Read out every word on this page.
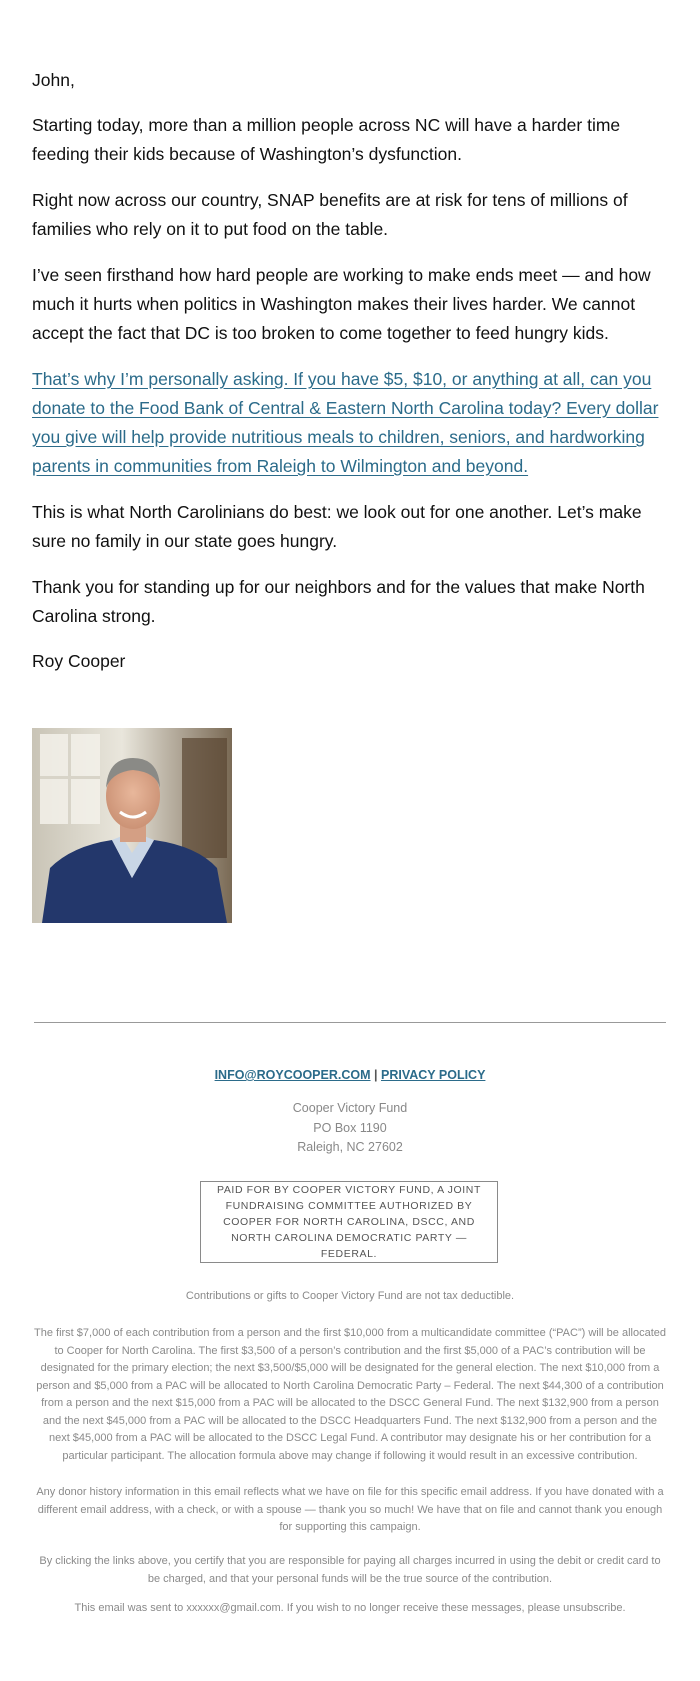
John,

Starting today, more than a million people across NC will have a harder time feeding their kids because of Washington’s dysfunction.

Right now across our country, SNAP benefits are at risk for tens of millions of families who rely on it to put food on the table.

I’ve seen firsthand how hard people are working to make ends meet — and how much it hurts when politics in Washington makes their lives harder. We cannot accept the fact that DC is too broken to come together to feed hungry kids.

That’s why I’m personally asking. If you have $5, $10, or anything at all, can you donate to the Food Bank of Central & Eastern North Carolina today? Every dollar you give will help provide nutritious meals to children, seniors, and hardworking parents in communities from Raleigh to Wilmington and beyond.

This is what North Carolinians do best: we look out for one another. Let’s make sure no family in our state goes hungry.

Thank you for standing up for our neighbors and for the values that make North Carolina strong.

Roy Cooper

INFO@ROYCOOPER.COM | PRIVACY POLICY
Cooper Victory Fund
PO Box 1190
Raleigh, NC 27602
PAID FOR BY COOPER VICTORY FUND, A JOINT FUNDRAISING COMMITTEE AUTHORIZED BY COOPER FOR NORTH CAROLINA, DSCC, AND NORTH CAROLINA DEMOCRATIC PARTY — FEDERAL.
Contributions or gifts to Cooper Victory Fund are not tax deductible.
The first $7,000 of each contribution from a person and the first $10,000 from a multicandidate committee (“PAC”) will be allocated to Cooper for North Carolina. The first $3,500 of a person’s contribution and the first $5,000 of a PAC’s contribution will be designated for the primary election; the next $3,500/$5,000 will be designated for the general election. The next $10,000 from a person and $5,000 from a PAC will be allocated to North Carolina Democratic Party – Federal. The next $44,300 of a contribution from a person and the next $15,000 from a PAC will be allocated to the DSCC General Fund. The next $132,900 from a person and the next $45,000 from a PAC will be allocated to the DSCC Headquarters Fund. The next $132,900 from a person and the next $45,000 from a PAC will be allocated to the DSCC Legal Fund. A contributor may designate his or her contribution for a particular participant. The allocation formula above may change if following it would result in an excessive contribution.
Any donor history information in this email reflects what we have on file for this specific email address. If you have donated with a different email address, with a check, or with a spouse — thank you so much! We have that on file and cannot thank you enough for supporting this campaign.
By clicking the links above, you certify that you are responsible for paying all charges incurred in using the debit or credit card to be charged, and that your personal funds will be the true source of the contribution.
This email was sent to xxxxxx@gmail.com. If you wish to no longer receive these messages, please unsubscribe.
